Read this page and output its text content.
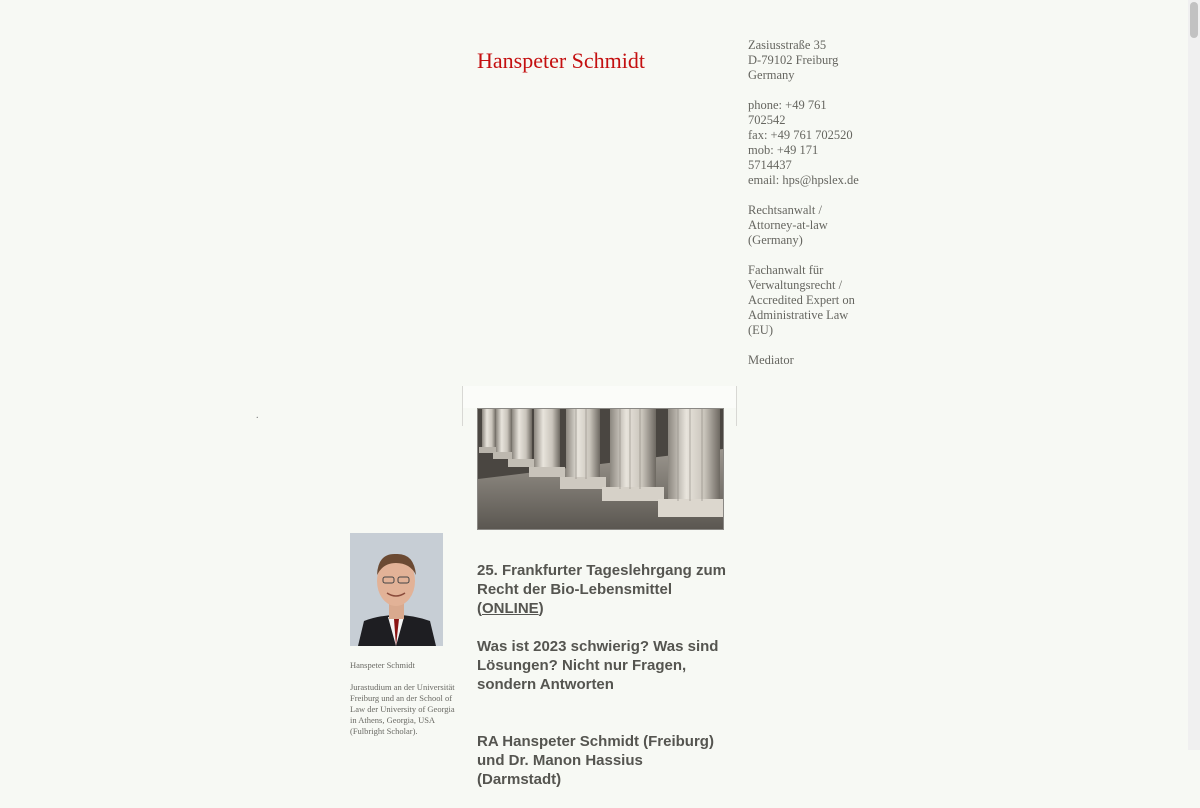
Hanspeter Schmidt
Zasiusstraße 35
D-79102 Freiburg
Germany
phone: +49 761
702542
fax: +49 761 702520
mob: +49 171 5714437
email: hps@hpslex.de
Rechtsanwalt /
Attorney-at-law
(Germany)
Fachanwalt für
Verwaltungsrecht /
Accredited Expert on
Administrative Law
(EU)
Mediator
.

Hanspeter Schmidt

Jurastudium an der Universität Freiburg und an der School of Law der University of Georgia in Athens, Georgia, USA (Fulbright Scholar).

25. Frankfurter Tageslehrgang zum Recht der Bio-Lebensmittel (ONLINE)

Was ist 2023 schwierig? Was sind Lösungen? Nicht nur Fragen, sondern Antworten

RA Hanspeter Schmidt (Freiburg) und Dr. Manon Hassius (Darmstadt)
